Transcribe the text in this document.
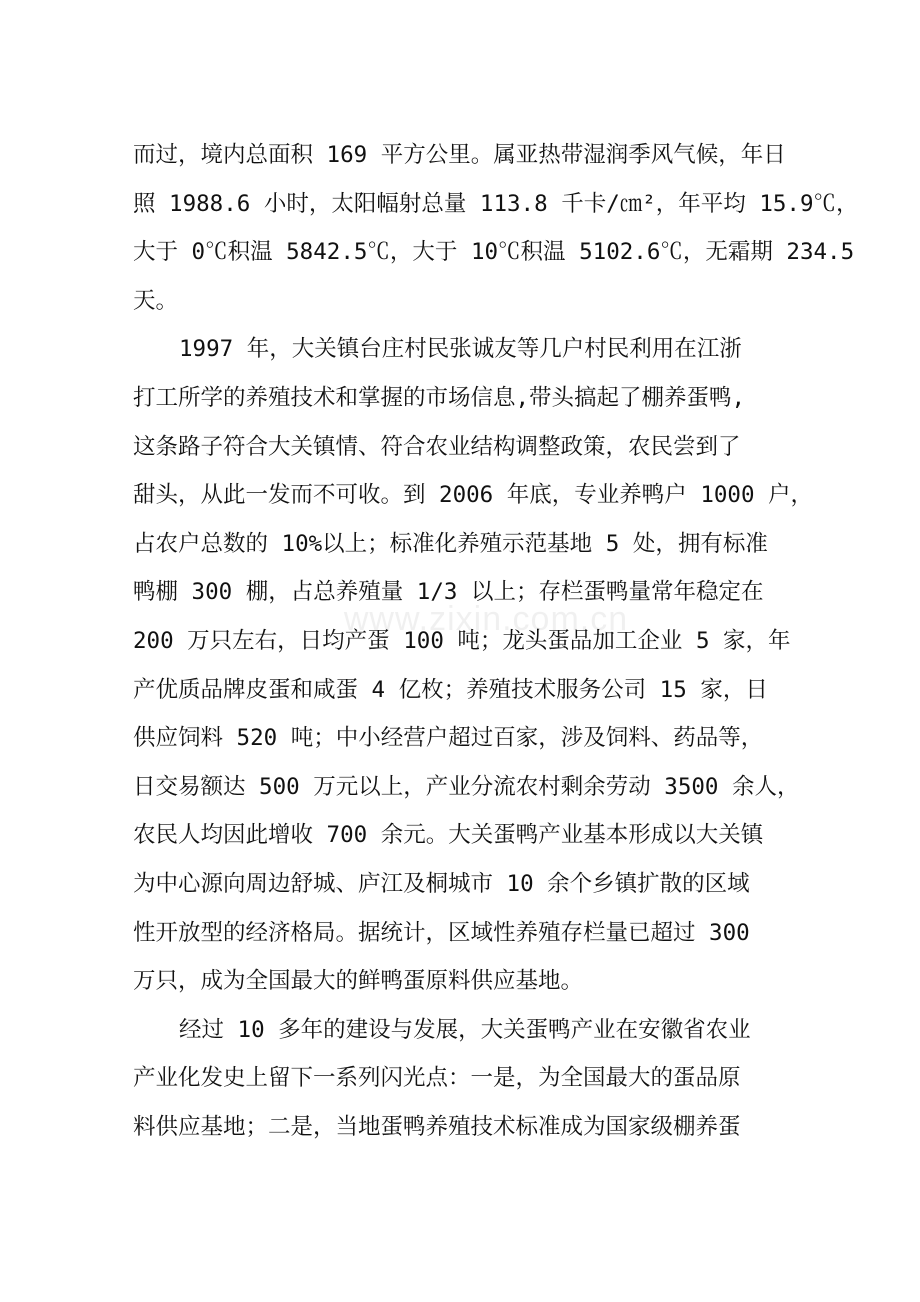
而过，境内总面积 169 平方公里。属亚热带湿润季风气候，年日
照 1988.6 小时，太阳幅射总量 113.8 千卡/㎝²，年平均 15.9℃，
大于 0℃积温 5842.5℃，大于 10℃积温 5102.6℃，无霜期 234.5
天。
1997 年，大关镇台庄村民张诚友等几户村民利用在江浙
打工所学的养殖技术和掌握的市场信息,带头搞起了棚养蛋鸭,
这条路子符合大关镇情、符合农业结构调整政策，农民尝到了
甜头，从此一发而不可收。到 2006 年底，专业养鸭户 1000 户，
占农户总数的 10%以上；标准化养殖示范基地 5 处，拥有标准
鸭棚 300 棚，占总养殖量 1/3 以上；存栏蛋鸭量常年稳定在
200 万只左右，日均产蛋 100 吨；龙头蛋品加工企业 5 家，年
产优质品牌皮蛋和咸蛋 4 亿枚；养殖技术服务公司 15 家，日
供应饲料 520 吨；中小经营户超过百家，涉及饲料、药品等，
日交易额达 500 万元以上，产业分流农村剩余劳动 3500 余人，
农民人均因此增收 700 余元。大关蛋鸭产业基本形成以大关镇
为中心源向周边舒城、庐江及桐城市 10 余个乡镇扩散的区域
性开放型的经济格局。据统计，区域性养殖存栏量已超过 300
万只，成为全国最大的鲜鸭蛋原料供应基地。
经过 10 多年的建设与发展，大关蛋鸭产业在安徽省农业
产业化发史上留下一系列闪光点：一是，为全国最大的蛋品原
料供应基地；二是，当地蛋鸭养殖技术标准成为国家级棚养蛋
www.zixin.com.cn
